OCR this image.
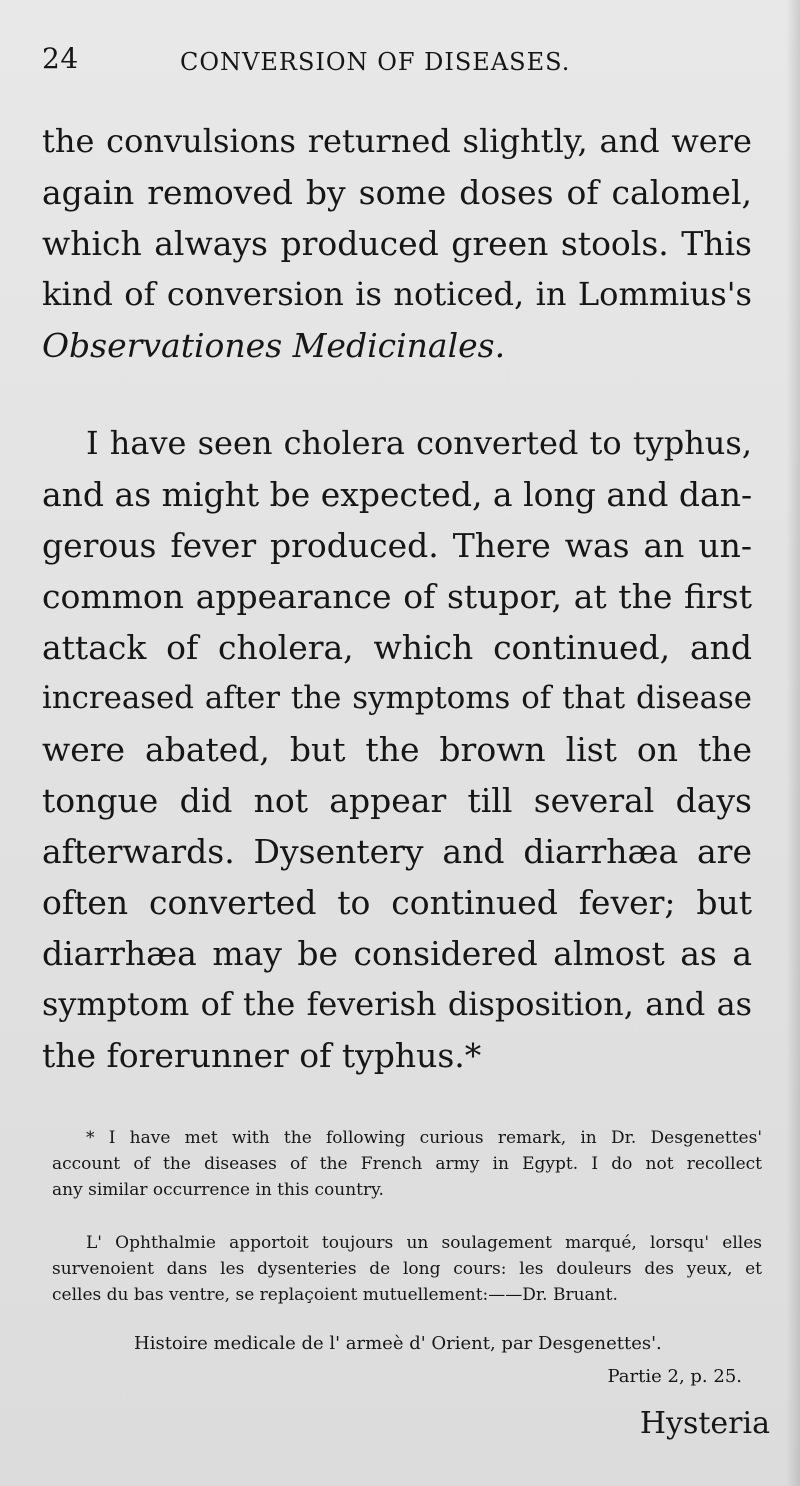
24	CONVERSION OF DISEASES.
the convulsions returned slightly, and were
again removed by some doses of calomel,
which always produced green stools. This
kind of conversion is noticed, in Lommius's
Observationes Medicinales.
I have seen cholera converted to typhus,
and as might be expected, a long and dan-
gerous fever produced. There was an un-
common appearance of stupor, at the first
attack of cholera, which continued, and
increased after the symptoms of that disease
were abated, but the brown list on the
tongue did not appear till several days
afterwards. Dysentery and diarrhæa are
often converted to continued fever; but
diarrhæa may be considered almost as a
symptom of the feverish disposition, and as
the forerunner of typhus.*
* I have met with the following curious remark, in Dr. Desgenettes'
account of the diseases of the French army in Egypt. I do not recollect
any similar occurrence in this country.
L' Ophthalmie apportoit toujours un soulagement marqué, lorsqu' elles
survenoient dans les dysenteries de long cours: les douleurs des yeux, et
celles du bas ventre, se replaçoient mutuellement:——Dr. Bruant.
Histoire medicale de l' armeè d' Orient, par Desgenettes'.
Partie 2, p. 25.
Hysteria
